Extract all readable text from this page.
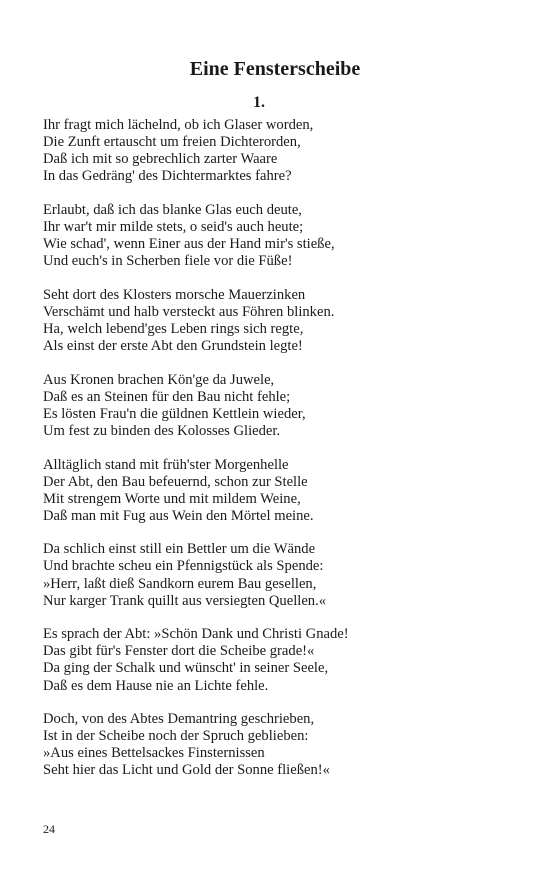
Eine Fensterscheibe
1.
Ihr fragt mich lächelnd, ob ich Glaser worden,
Die Zunft ertauscht um freien Dichterorden,
Daß ich mit so gebrechlich zarter Waare
In das Gedräng' des Dichtermarktes fahre?
Erlaubt, daß ich das blanke Glas euch deute,
Ihr war't mir milde stets, o seid's auch heute;
Wie schad', wenn Einer aus der Hand mir's stieße,
Und euch's in Scherben fiele vor die Füße!
Seht dort des Klosters morsche Mauerzinken
Verschämt und halb versteckt aus Föhren blinken.
Ha, welch lebend'ges Leben rings sich regte,
Als einst der erste Abt den Grundstein legte!
Aus Kronen brachen Kön'ge da Juwele,
Daß es an Steinen für den Bau nicht fehle;
Es lösten Frau'n die güldnen Kettlein wieder,
Um fest zu binden des Kolosses Glieder.
Alltäglich stand mit früh'ster Morgenhelle
Der Abt, den Bau befeuernd, schon zur Stelle
Mit strengem Worte und mit mildem Weine,
Daß man mit Fug aus Wein den Mörtel meine.
Da schlich einst still ein Bettler um die Wände
Und brachte scheu ein Pfennigstück als Spende:
»Herr, laßt dieß Sandkorn eurem Bau gesellen,
Nur karger Trank quillt aus versiegten Quellen.«
Es sprach der Abt: »Schön Dank und Christi Gnade!
Das gibt für's Fenster dort die Scheibe grade!«
Da ging der Schalk und wünscht' in seiner Seele,
Daß es dem Hause nie an Lichte fehle.
Doch, von des Abtes Demantring geschrieben,
Ist in der Scheibe noch der Spruch geblieben:
»Aus eines Bettelsackes Finsternissen
Seht hier das Licht und Gold der Sonne fließen!«
24
